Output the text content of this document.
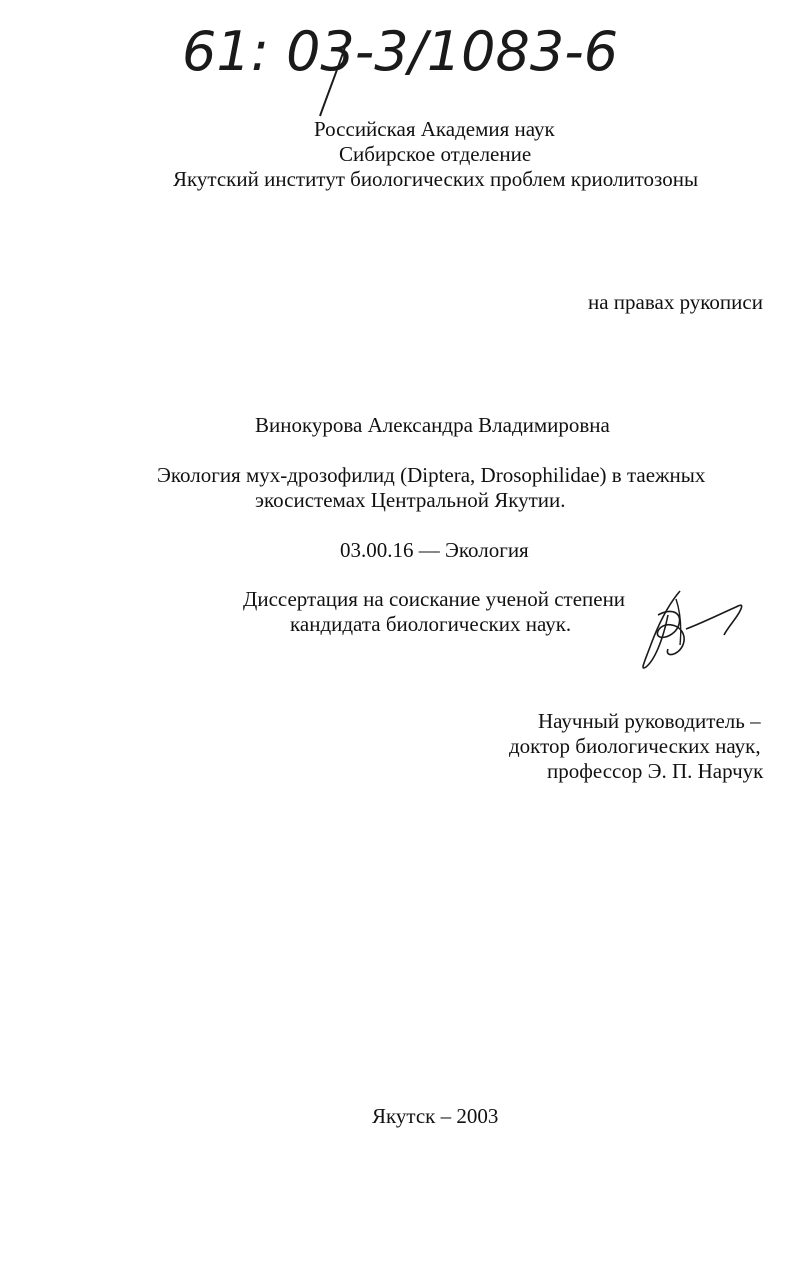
61: 03-3/1083-6

Российская Академия наук

Сибирское отделение

Якутский институт биологических проблем криолитозоны

на правах рукописи

Винокурова Александра Владимировна

Экология мух-дрозофилид (Diptera, Drosophilidae) в таежных

экосистемах Центральной Якутии.

03.00.16 — Экология

Диссертация на соискание ученой степени

кандидата биологических наук.

Научный руководитель –

доктор биологических наук,

профессор Э. П. Нарчук

Якутск – 2003
